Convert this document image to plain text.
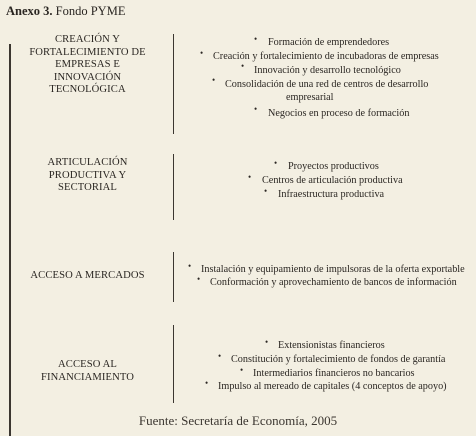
Anexo 3. Fondo PYME
CREACIÓN Y
FORTALECIMIENTO DE
EMPRESAS E
INNOVACIÓN
TECNOLÓGICA
• Formación de emprendedores
• Creación y fortalecimiento de incubadoras de empresas
• Innovación y desarrollo tecnológico
• Consolidación de una red de centros de desarrollo
empresarial
• Negocios en proceso de formación
ARTICULACIÓN
PRODUCTIVA Y
SECTORIAL
• Proyectos productivos
• Centros de articulación productiva
• Infraestructura productiva
ACCESO A MERCADOS
• Instalación y equipamiento de impulsoras de la oferta exportable
• Conformación y aprovechamiento de bancos de información
ACCESO AL
FINANCIAMIENTO
• Extensionistas financieros
• Constitución y fortalecimiento de fondos de garantía
• Intermediarios financieros no bancarios
• Impulso al mereado de capitales (4 conceptos de apoyo)
Fuente: Secretaría de Economía, 2005
